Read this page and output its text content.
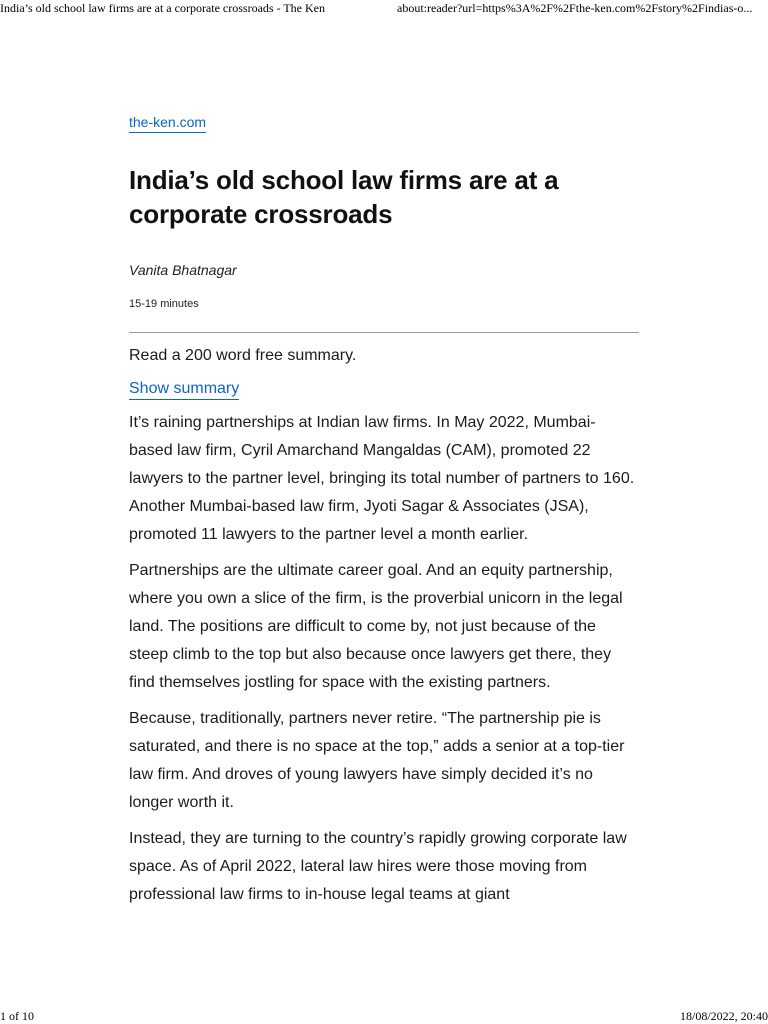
India’s old school law firms are at a corporate crossroads - The Ken	about:reader?url=https%3A%2F%2Fthe-ken.com%2Fstory%2Findias-o...
the-ken.com
India’s old school law firms are at a corporate crossroads
Vanita Bhatnagar
15-19 minutes

Read a 200 word free summary.

Show summary

It’s raining partnerships at Indian law firms. In May 2022, Mumbai-based law firm, Cyril Amarchand Mangaldas (CAM), promoted 22 lawyers to the partner level, bringing its total number of partners to 160. Another Mumbai-based law firm, Jyoti Sagar & Associates (JSA), promoted 11 lawyers to the partner level a month earlier.

Partnerships are the ultimate career goal. And an equity partnership, where you own a slice of the firm, is the proverbial unicorn in the legal land. The positions are difficult to come by, not just because of the steep climb to the top but also because once lawyers get there, they find themselves jostling for space with the existing partners.

Because, traditionally, partners never retire. “The partnership pie is saturated, and there is no space at the top,” adds a senior at a top-tier law firm. And droves of young lawyers have simply decided it’s no longer worth it.

Instead, they are turning to the country’s rapidly growing corporate law space. As of April 2022, lateral law hires were those moving from professional law firms to in-house legal teams at giant

1 of 10	18/08/2022, 20:40
